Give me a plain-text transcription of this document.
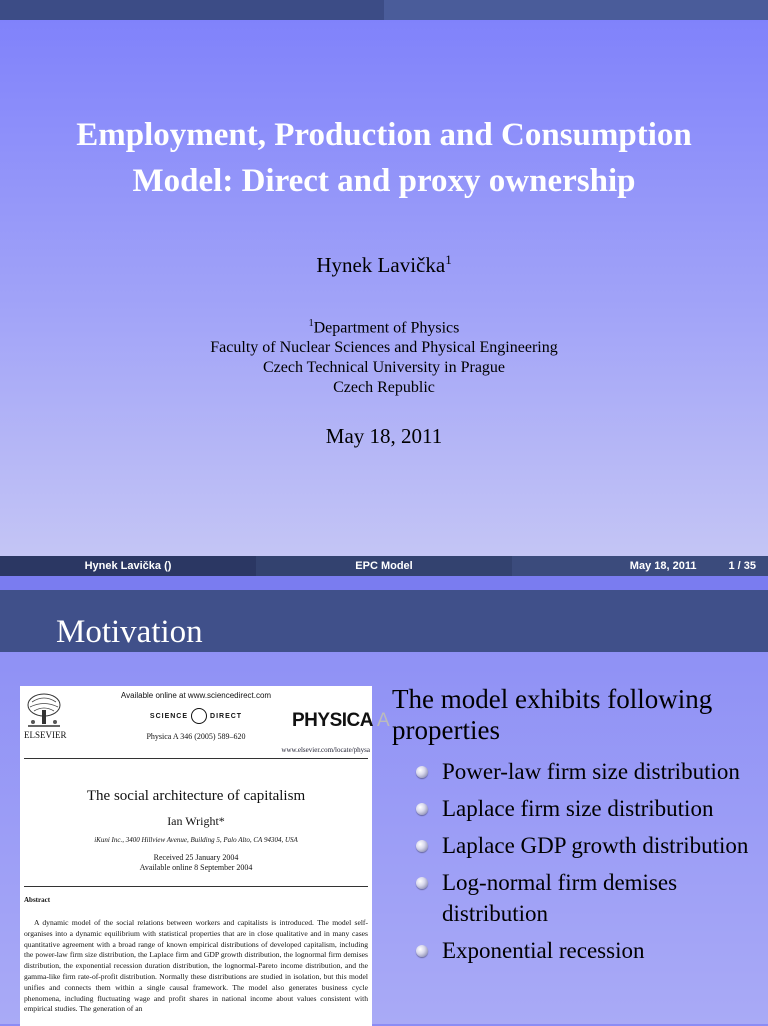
Employment, Production and Consumption
Model: Direct and proxy ownership
Hynek Lavička$^1$
$^1$Department of Physics
Faculty of Nuclear Sciences and Physical Engineering
Czech Technical University in Prague
Czech Republic
May 18, 2011
Hynek Lavička ()	EPC Model	May 18, 2011	1 / 35
Motivation
ELSEVIER
Available online at www.sciencedirect.com
SCIENCE	DIRECT	PHYSICA A
Physica A 346 (2005) 589–620
www.elsevier.com/locate/physa
The social architecture of capitalism
Ian Wright*
iKuni Inc., 3400 Hillview Avenue, Building 5, Palo Alto, CA 94304, USA
Received 25 January 2004
Available online 8 September 2004
Abstract
A dynamic model of the social relations between workers and capitalists is introduced. The model self-organises into a dynamic equilibrium with statistical properties that are in close qualitative and in many cases quantitative agreement with a broad range of known empirical distributions of developed capitalism, including the power-law firm size distribution, the Laplace firm and GDP growth distribution, the lognormal firm demises distribution, the exponential recession duration distribution, the lognormal-Pareto income distribution, and the gamma-like firm rate-of-profit distribution. Normally these distributions are studied in isolation, but this model unifies and connects them within a single causal framework. The model also generates business cycle phenomena, including fluctuating wage and profit shares in national income about values consistent with empirical studies. The generation of an
The model exhibits following properties
Power-law firm size distribution
Laplace firm size distribution
Laplace GDP growth distribution
Log-normal firm demises distribution
Exponential recession
